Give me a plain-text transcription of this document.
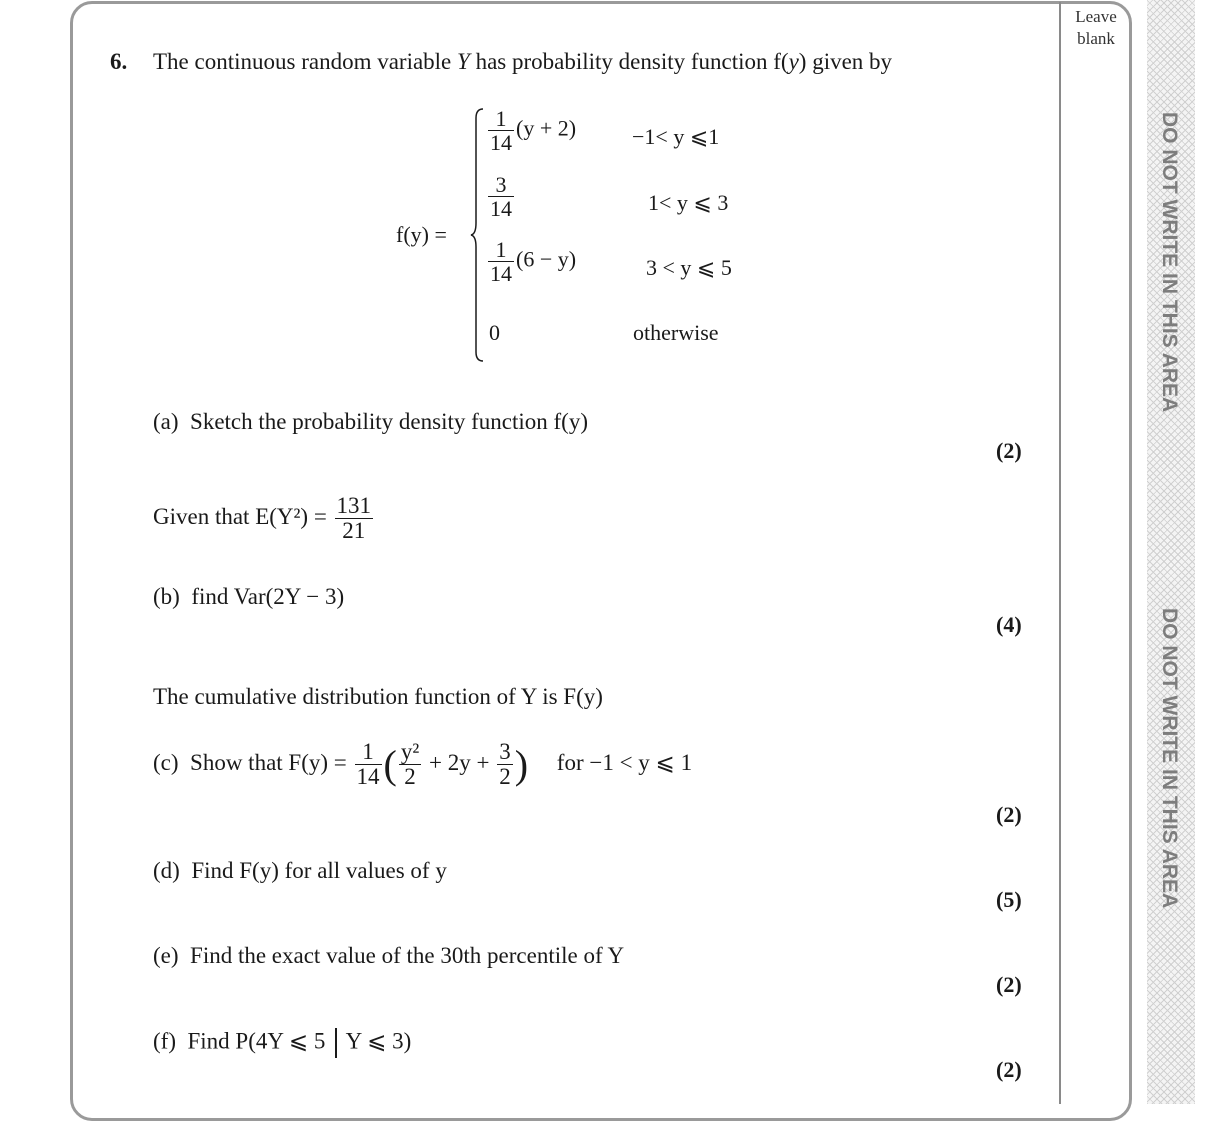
Leave
blank
DO NOT WRITE IN THIS AREA
DO NOT WRITE IN THIS AREA
6. The continuous random variable Y has probability density function f(y) given by
f(y) =
$\frac{1}{14} (y + 2)$	−1< y ⩽1
$\frac{3}{14}$	1< y ⩽ 3
$\frac{1}{14} (6 - y)$	3 < y ⩽ 5
0	otherwise
(a) Sketch the probability density function f(y)
(2)
Given that $E(Y^2) = \frac{131}{21}$
(b) find Var(2Y − 3)
(4)
The cumulative distribution function of Y is F(y)
(c) Show that $F(y) = \frac{1}{14}$ ( $\frac{\text{y²}}{2} + 2y + \frac{3}{2}$ ) for −1 < y ⩽ 1
(2)
(d) Find F(y) for all values of y
(5)
(e) Find the exact value of the 30th percentile of Y
(2)
(f) Find P(4Y ⩽ 5 Y ⩽ 3)
(2)
